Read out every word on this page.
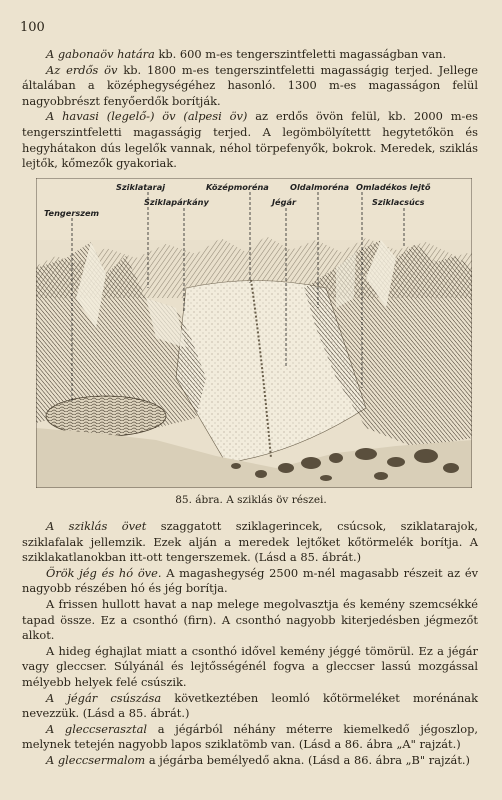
100

A gabonaöv határa kb. 600 m-es tengerszintfeletti magasságban van.

Az erdős öv kb. 1800 m-es tengerszintfeletti magasságig terjed. Jellege általában a középhegységéhez hasonló. 1300 m-es magasságon felül nagyobbrészt fenyőerdők borítják.

A havasi (legelő-) öv (alpesi öv) az erdős övön felül, kb. 2000 m-es tengerszintfeletti magasságig terjed. A legömbölyítettt hegytetőkön és hegyhátakon dús legelők vannak, néhol törpefenyők, bokrok. Meredek, sziklás lejtők, kőmezők gyakoriak.

Tengerszem
Sziklataraj
Sziklapárkány
Középmoréna
Jégár
Oldalmoréna Omladékos lejtő
Sziklacsúcs
85. ábra. A sziklás öv részei.

A sziklás övet szaggatott sziklagerincek, csúcsok, sziklatarajok, sziklafalak jellemzik. Ezek alján a meredek lejtőket kőtörmelék borítja. A sziklakatlanokban itt-ott tengerszemek. (Lásd a 85. ábrát.)

Örök jég és hó öve. A magashegység 2500 m-nél magasabb részeit az év nagyobb részében hó és jég borítja.

A frissen hullott havat a nap melege megolvasztja és kemény szemcsékké tapad össze. Ez a csonthó (firn). A csonthó nagyobb kiterjedésben jégmezőt alkot.

A hideg éghajlat miatt a csonthó idővel kemény jéggé tömörül. Ez a jégár vagy gleccser. Súlyánál és lejtősségénél fogva a gleccser lassú mozgással mélyebb helyek felé csúszik.

A jégár csúszása következtében leomló kőtörmeléket morénának nevezzük. (Lásd a 85. ábrát.)

A gleccserasztal a jégárból néhány méterre kiemelkedő jégoszlop, melynek tetején nagyobb lapos sziklatömb van. (Lásd a 86. ábra „A" rajzát.)

A gleccsermalom a jégárba bemélyedő akna. (Lásd a 86. ábra „B" rajzát.)
